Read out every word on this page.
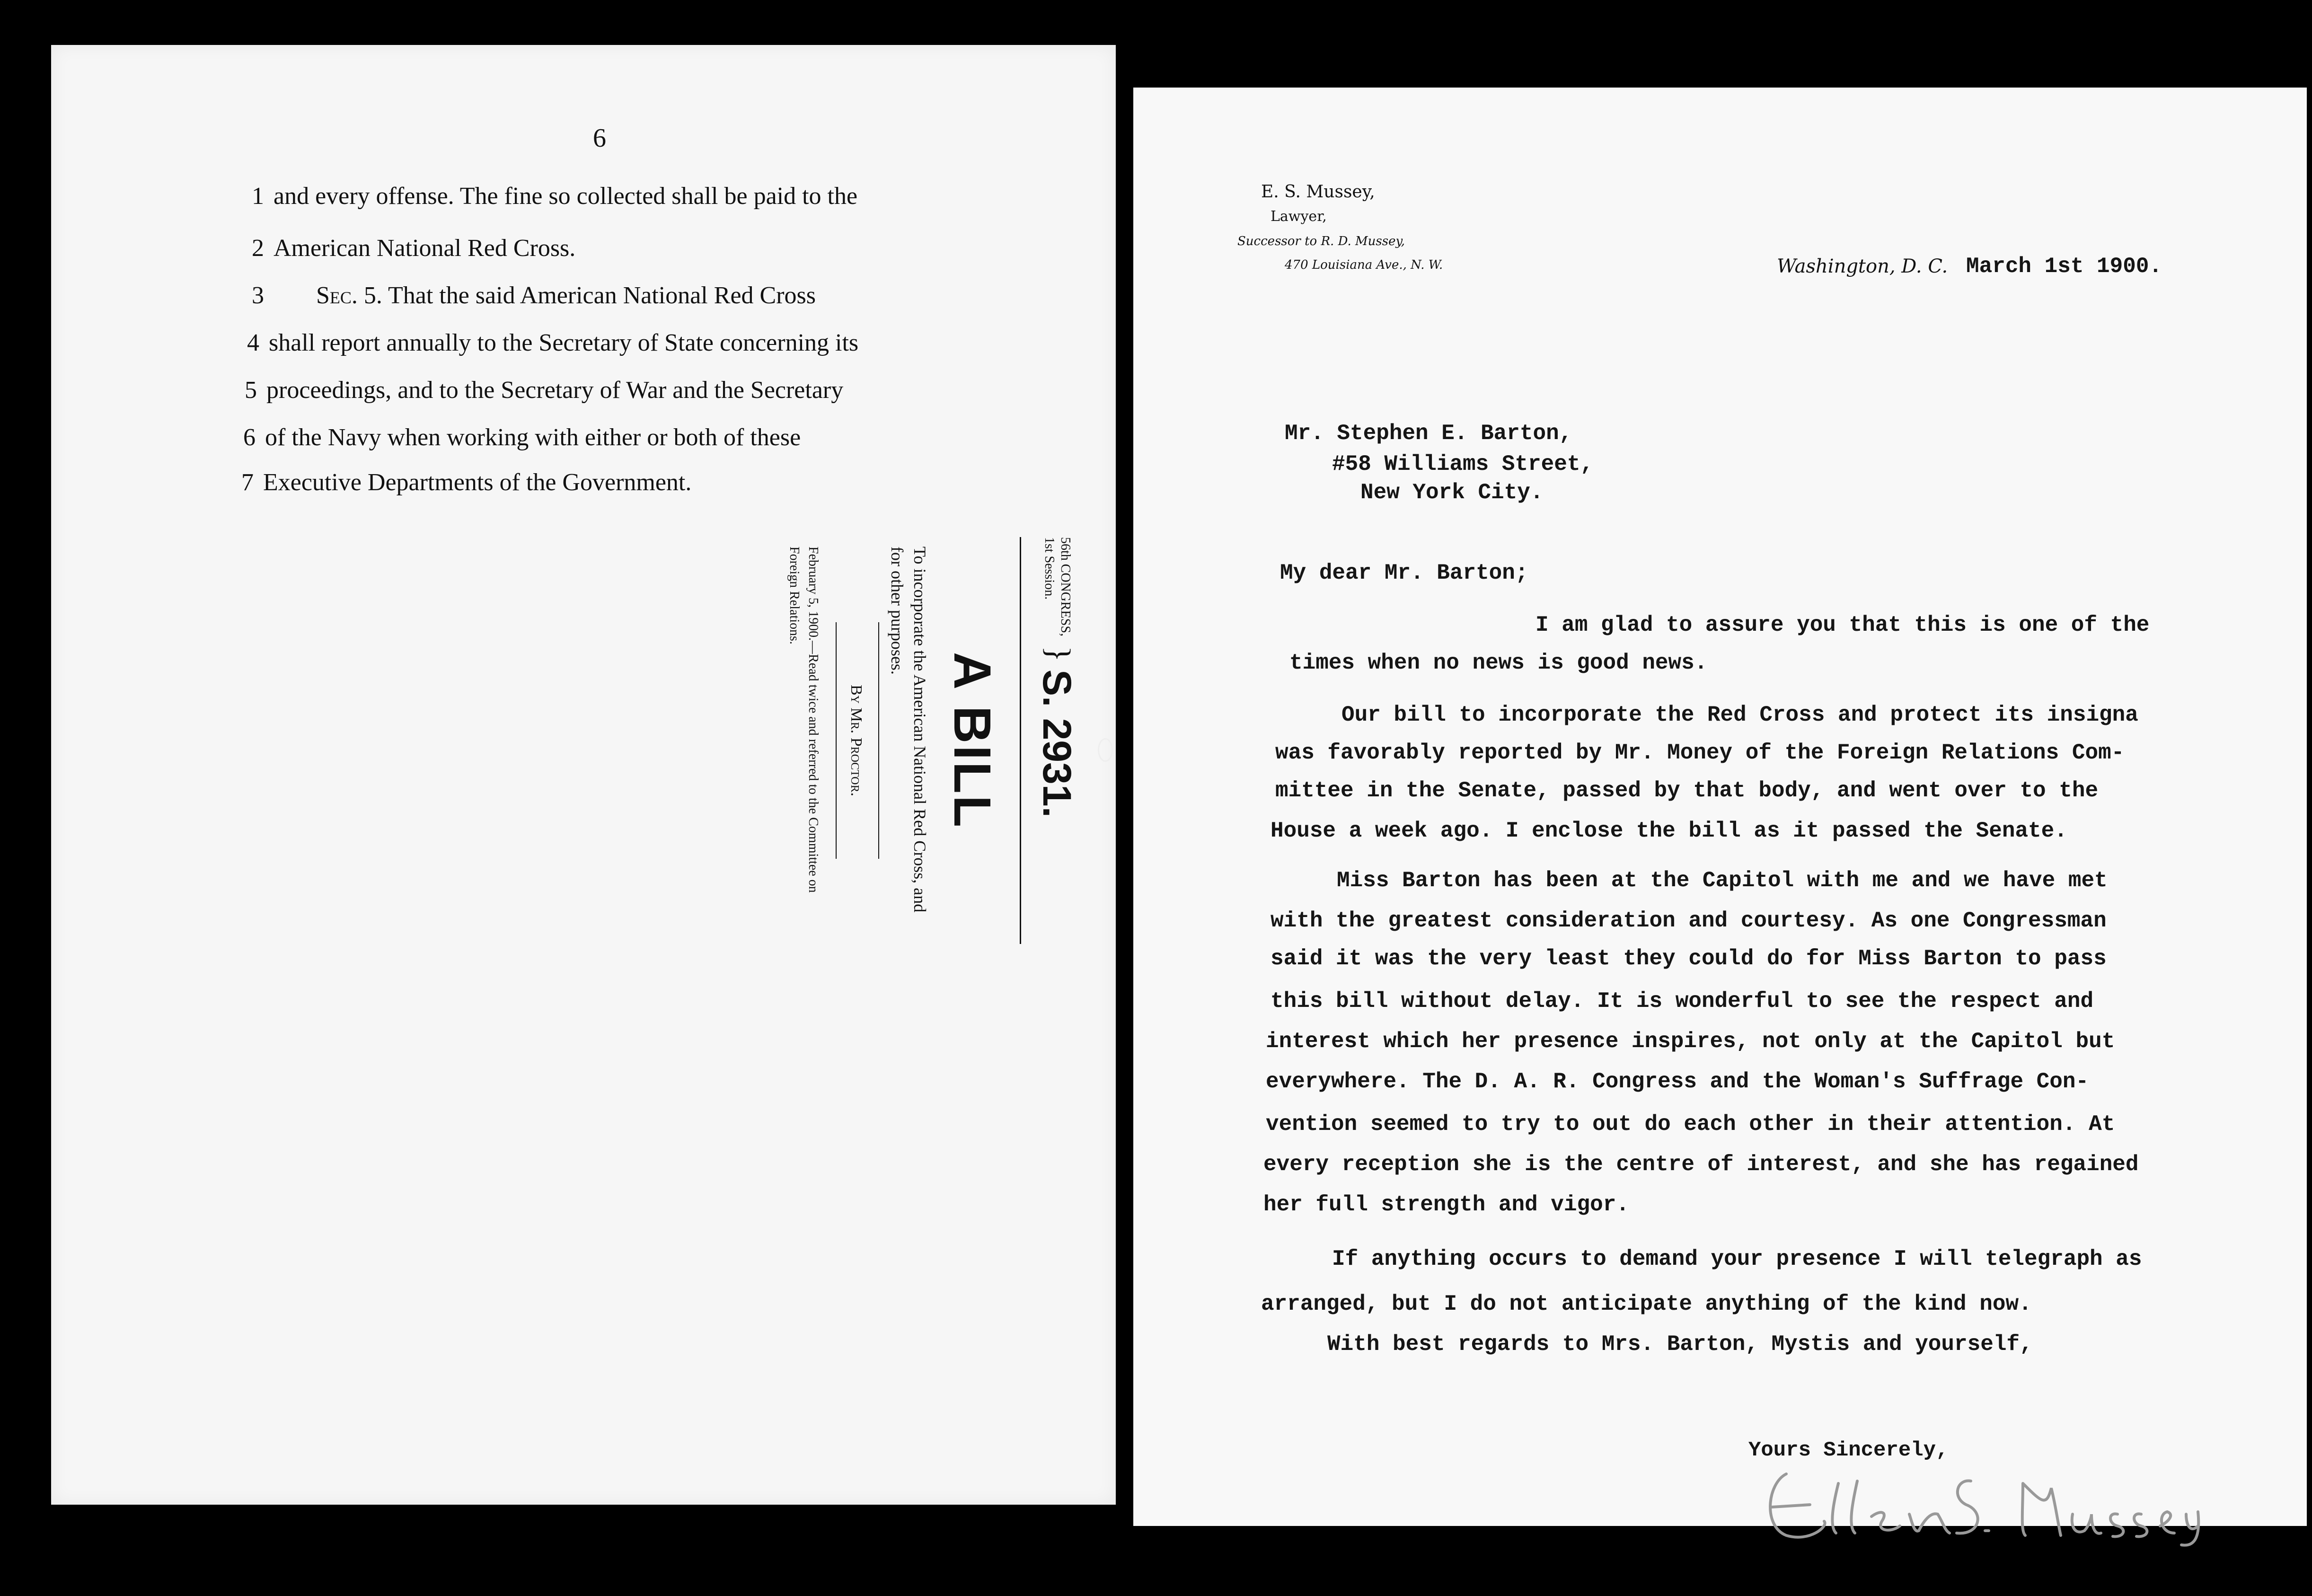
6
1 and every offense. The fine so collected shall be paid to the
2 American National Red Cross.
3 Sec. 5. That the said American National Red Cross
4 shall report annually to the Secretary of State concerning its
5 proceedings, and to the Secretary of War and the Secretary
6 of the Navy when working with either or both of these
7 Executive Departments of the Government.
56th CONGRESS,
1st Session.
}
S. 2931.
A BILL
To incorporate the American National Red Cross, and for other purposes.
By Mr. Proctor.
February 5, 1900.—Read twice and referred to the Committee on Foreign Relations.
E. S. Mussey,
Lawyer,
Successor to R. D. Mussey,
470 Louisiana Ave., N. W.	Washington, D. C. March 1st 1900.
Mr. Stephen E. Barton,
#58 Williams Street,
New York City.
My dear Mr. Barton;
I am glad to assure you that this is one of the
times when no news is good news.
Our bill to incorporate the Red Cross and protect its insigna
was favorably reported by Mr. Money of the Foreign Relations Com-
mittee in the Senate, passed by that body, and went over to the
House a week ago. I enclose the bill as it passed the Senate.
Miss Barton has been at the Capitol with me and we have met
with the greatest consideration and courtesy. As one Congressman
said it was the very least they could do for Miss Barton to pass
this bill without delay. It is wonderful to see the respect and
interest which her presence inspires, not only at the Capitol but
everywhere. The D. A. R. Congress and the Woman's Suffrage Con-
vention seemed to try to out do each other in their attention. At
every reception she is the centre of interest, and she has regained
her full strength and vigor.
If anything occurs to demand your presence I will telegraph as
arranged, but I do not anticipate anything of the kind now.
With best regards to Mrs. Barton, Mystis and yourself,
Yours Sincerely,
